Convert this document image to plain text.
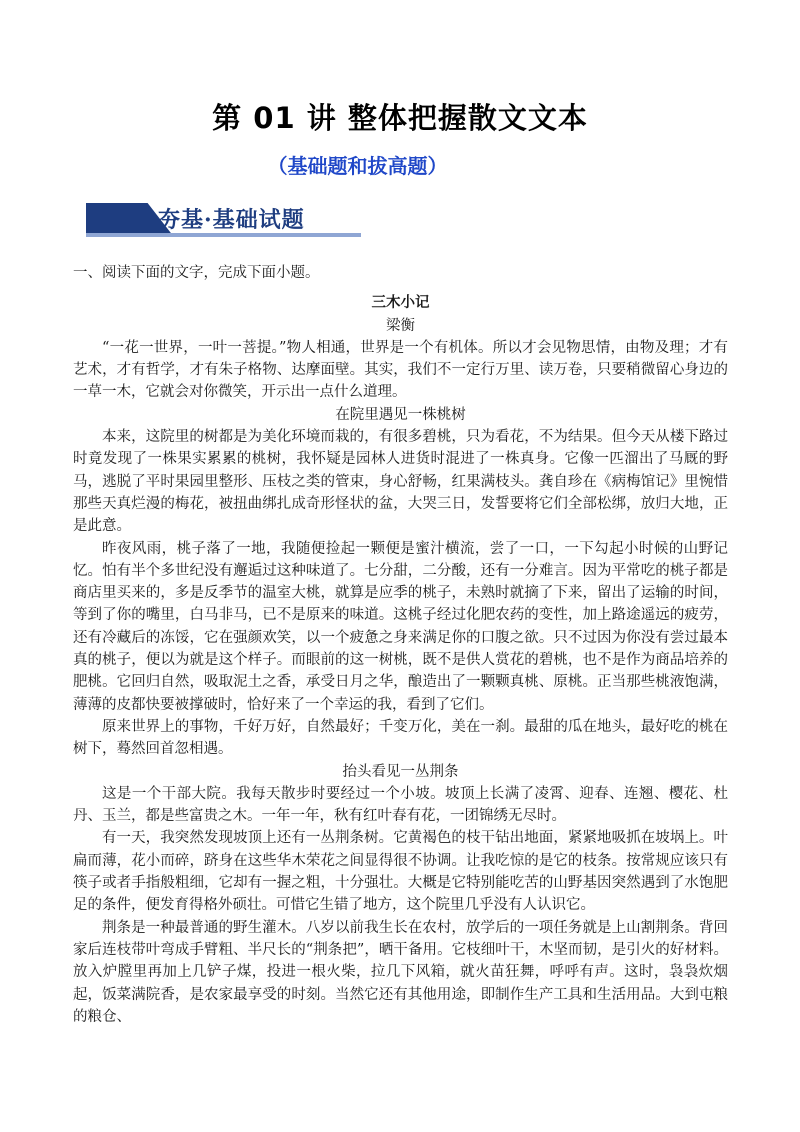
第 01 讲 整体把握散文文本
（基础题和拔高题）
夯基·基础试题

一、阅读下面的文字，完成下面小题。

三木小记

梁衡

“一花一世界，一叶一菩提。”物人相通，世界是一个有机体。所以才会见物思情，由物及理；才有艺术，才有哲学，才有朱子格物、达摩面壁。其实，我们不一定行万里、读万卷，只要稍微留心身边的一草一木，它就会对你微笑，开示出一点什么道理。

在院里遇见一株桃树

本来，这院里的树都是为美化环境而栽的，有很多碧桃，只为看花，不为结果。但今天从楼下路过时竟发现了一株果实累累的桃树，我怀疑是园林人进货时混进了一株真身。它像一匹溜出了马厩的野马，逃脱了平时果园里整形、压枝之类的管束，身心舒畅，红果满枝头。龚自珍在《病梅馆记》里惋惜那些天真烂漫的梅花，被扭曲绑扎成奇形怪状的盆，大哭三日，发誓要将它们全部松绑，放归大地，正是此意。

昨夜风雨，桃子落了一地，我随便捡起一颗便是蜜汁横流，尝了一口，一下勾起小时候的山野记忆。怕有半个多世纪没有邂逅过这种味道了。七分甜，二分酸，还有一分难言。因为平常吃的桃子都是商店里买来的，多是反季节的温室大桃，就算是应季的桃子，未熟时就摘了下来，留出了运输的时间，等到了你的嘴里，白马非马，已不是原来的味道。这桃子经过化肥农药的变性，加上路途遥远的疲劳，还有冷藏后的冻馁，它在强颜欢笑，以一个疲惫之身来满足你的口腹之欲。只不过因为你没有尝过最本真的桃子，便以为就是这个样子。而眼前的这一树桃，既不是供人赏花的碧桃，也不是作为商品培养的肥桃。它回归自然，吸取泥土之香，承受日月之华，酿造出了一颗颗真桃、原桃。正当那些桃液饱满，薄薄的皮都快要被撑破时，恰好来了一个幸运的我，看到了它们。

原来世界上的事物，千好万好，自然最好；千变万化，美在一刹。最甜的瓜在地头，最好吃的桃在树下，蓦然回首忽相遇。

抬头看见一丛荆条

这是一个干部大院。我每天散步时要经过一个小坡。坡顶上长满了凌霄、迎春、连翘、樱花、杜丹、玉兰，都是些富贵之木。一年一年，秋有红叶春有花，一团锦绣无尽时。

有一天，我突然发现坡顶上还有一丛荆条树。它黄褐色的枝干钻出地面，紧紧地吸抓在坡埚上。叶扁而薄，花小而碎，跻身在这些华木荣花之间显得很不协调。让我吃惊的是它的枝条。按常规应该只有筷子或者手指般粗细，它却有一握之粗，十分强壮。大概是它特别能吃苦的山野基因突然遇到了水饱肥足的条件，便发育得格外硕壮。可惜它生错了地方，这个院里几乎没有人认识它。

荆条是一种最普通的野生灌木。八岁以前我生长在农村，放学后的一项任务就是上山割荆条。背回家后连枝带叶弯成手臂粗、半尺长的“荆条把”，晒干备用。它枝细叶干，木坚而韧，是引火的好材料。放入炉膛里再加上几铲子煤，投进一根火柴，拉几下风箱，就火苗狂舞，呼呼有声。这时，袅袅炊烟起，饭菜满院香，是农家最享受的时刻。当然它还有其他用途，即制作生产工具和生活用品。大到屯粮的粮仓、
